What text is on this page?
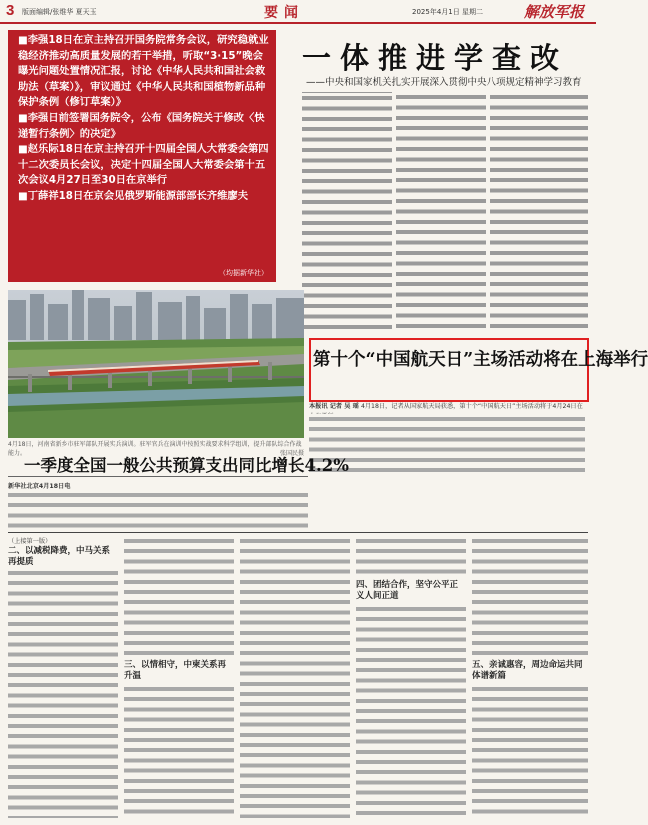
3 版面编辑/张维华 夏天玉	要闻	2025年4月1日 星期二	解放军报

■李强18日在京主持召开国务院常务会议，研究稳就业稳经济推动高质量发展的若干举措，听取“3·15”晚会曝光问题处置情况汇报，讨论《中华人民共和国社会救助法（草案）》，审议通过《中华人民共和国植物新品种保护条例（修订草案）》

■李强日前签署国务院令，公布《国务院关于修改〈快递暂行条例〉的决定》

■赵乐际18日在京主持召开十四届全国人大常委会第四十二次委员长会议，决定十四届全国人大常委会第十五次会议4月27日至30日在京举行

■丁薛祥18日在京会见俄罗斯能源部部长齐维廖夫

（均据新华社）
一体推进学查改
——中央和国家机关扎实开展深入贯彻中央八项规定精神学习教育
4月18日，河南省新乡市驻军部队开展实兵演训。驻军官兵在演训中按照实战要求科学组训，提升部队综合作战能力。	张国民摄
第十个“中国航天日”主场活动将在上海举行
本报讯 记者 吴 瑶 4月18日，记者从国家航天局获悉，第十个“中国航天日”主场活动将于4月24日在
一季度全国一般公共预算支出同比增长4.2%
新华社北京4月18日电
（上接第一版）
二、以减税降费，中马关系再提质
三、以情相守，中柬关系再升温
四、团结合作，坚守公平正义人间正道
五、亲诚惠容，周边命运共同体谱新篇
